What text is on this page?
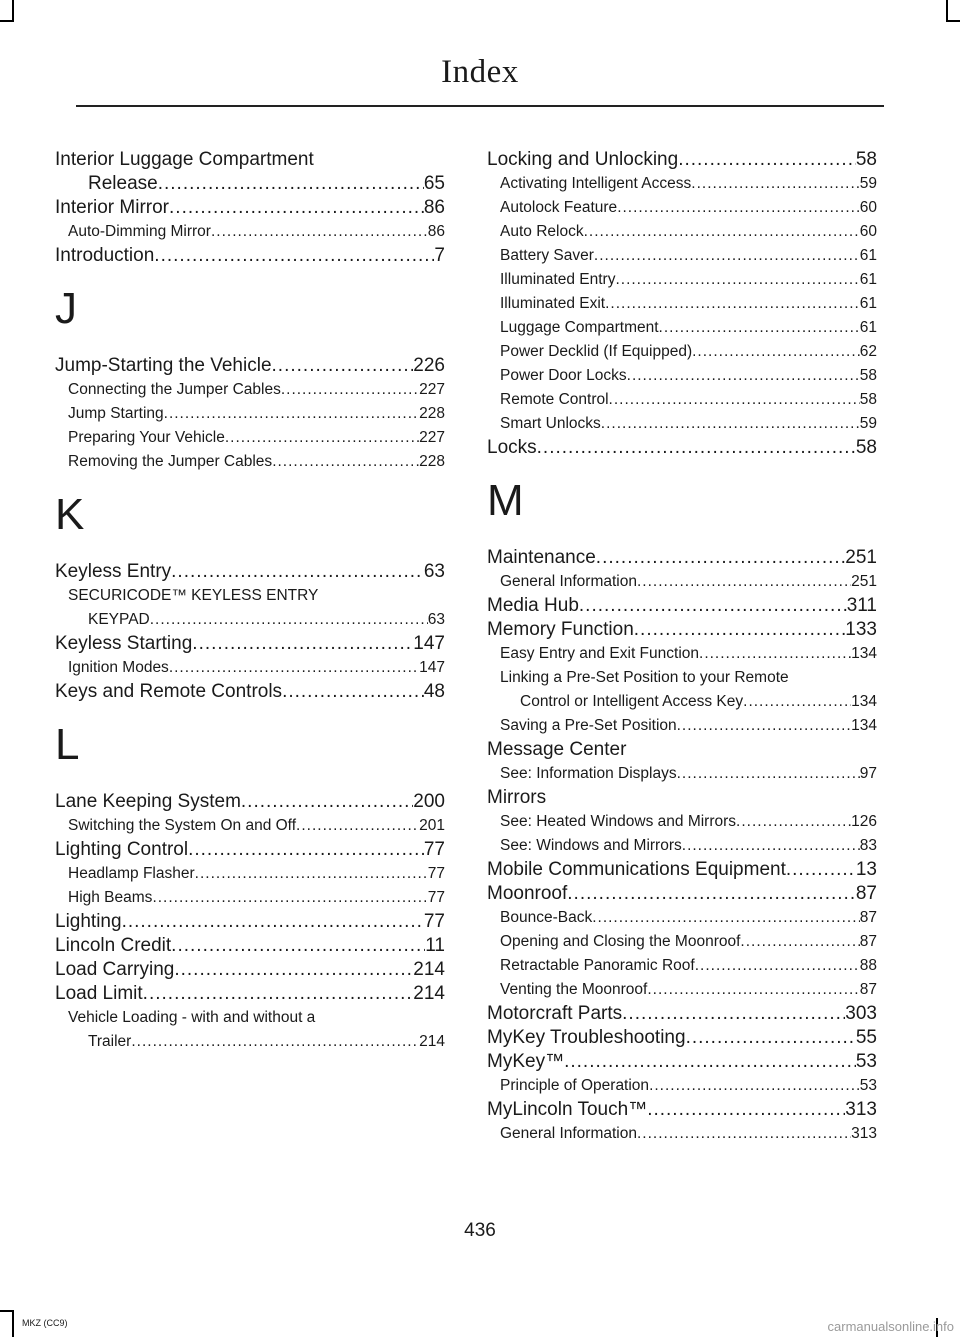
Index
Interior Luggage Compartment
Release .....	65
Interior Mirror .....	86
Auto-Dimming Mirror .....	86
Introduction .....	7
J
Jump-Starting the Vehicle .....	226
Connecting the Jumper Cables .....	227
Jump Starting .....	228
Preparing Your Vehicle .....	227
Removing the Jumper Cables .....	228
K
Keyless Entry .....	63
SECURICODE™ KEYLESS ENTRY
KEYPAD .....	63
Keyless Starting .....	147
Ignition Modes .....	147
Keys and Remote Controls .....	48
L
Lane Keeping System .....	200
Switching the System On and Off .....	201
Lighting Control .....	77
Headlamp Flasher .....	77
High Beams .....	77
Lighting .....	77
Lincoln Credit .....	11
Load Carrying .....	214
Load Limit .....	214
Vehicle Loading - with and without a
Trailer .....	214
Locking and Unlocking .....	58
Activating Intelligent Access .....	59
Autolock Feature .....	60
Auto Relock .....	60
Battery Saver .....	61
Illuminated Entry .....	61
Illuminated Exit .....	61
Luggage Compartment .....	61
Power Decklid (If Equipped) .....	62
Power Door Locks .....	58
Remote Control .....	58
Smart Unlocks .....	59
Locks .....	58
M
Maintenance .....	251
General Information .....	251
Media Hub .....	311
Memory Function .....	133
Easy Entry and Exit Function .....	134
Linking a Pre-Set Position to your Remote
Control or Intelligent Access Key .....	134
Saving a Pre-Set Position .....	134
Message Center
See: Information Displays .....	97
Mirrors
See: Heated Windows and Mirrors .....	126
See: Windows and Mirrors .....	83
Mobile Communications Equipment .....	13
Moonroof .....	87
Bounce-Back .....	87
Opening and Closing the Moonroof .....	87
Retractable Panoramic Roof .....	88
Venting the Moonroof .....	87
Motorcraft Parts .....	303
MyKey Troubleshooting .....	55
MyKey™ .....	53
Principle of Operation .....	53
MyLincoln Touch™ .....	313
General Information .....	313
436
MKZ (CC9)	carmanualsonline.info
